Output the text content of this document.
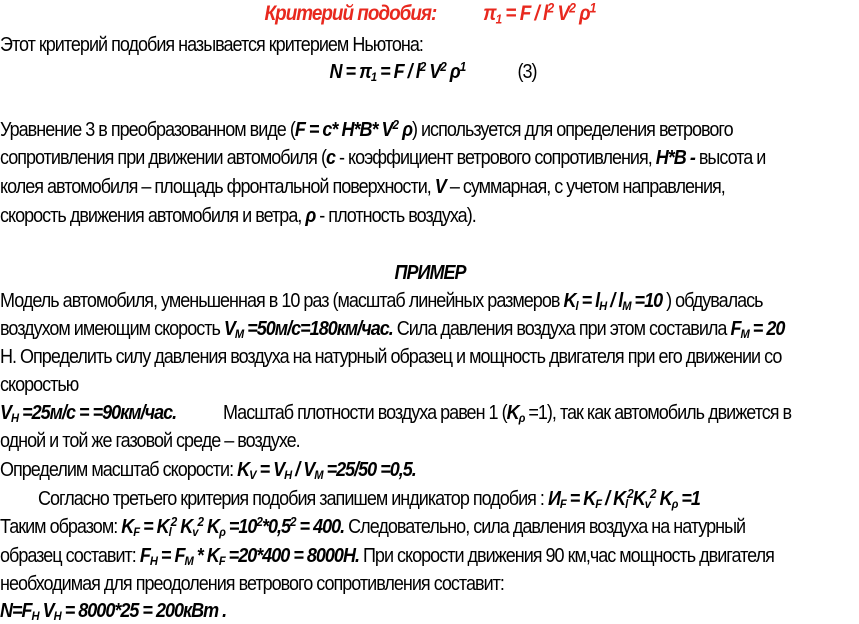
Критерий подобия: $\pi_1 = F / l^2$ $V^2$ $\rho^1$
Этот критерий подобия называется критерием Ньютона:
$N = \pi_1 = F / l^2$ $V^2$ $\rho^1$	(3)
Уравнение 3 в преобразованном виде (F = c* H*B* $V^2$ ρ) используется для определения ветрового
сопротивления при движении автомобиля (c - коэффициент ветрового сопротивления, H*B - высота и
колея автомобиля – площадь фронтальной поверхности, V – суммарная, с учетом направления,
скорость движения автомобиля и ветра, ρ - плотность воздуха).
ПРИМЕР
Модель автомобиля, уменьшенная в 10 раз (масштаб линейных размеров $K_l = l_Н / l_М =10$ ) обдувалась
воздухом имеющим скорость $V_М =50м/с=180км/час$. Сила давления воздуха при этом составила $F_М = 20$
Н. Определить силу давления воздуха на натурный образец и мощность двигателя при его движении со
скоростью
$V_Н =25м/с = =90км/час$. Масштаб плотности воздуха равен 1 $(K_\rho =1)$, так как автомобиль движется в
одной и той же газовой среде – воздухе.
Определим масштаб скорости: $K_V = V_Н / V_М =25/50 =0,5$.
Согласно третьего критерия подобия запишем индикатор подобия : $И_F = K_F / K_l^2K_v^2$ $K_\rho =1$
Таким образом: $K_F = K_l^2$ $K_v^2$ $K_\rho =10^2*0,5^2 = 400$. Следовательно, сила давления воздуха на натурный
образец составит: $F_Н = F_М * K_F =20*400 = 8000Н$. При скорости движения 90 км,час мощность двигателя
необходимая для преодоления ветрового сопротивления составит:
$N=F_Н$ $V_Н = 8000*25 = 200кВт$ .
